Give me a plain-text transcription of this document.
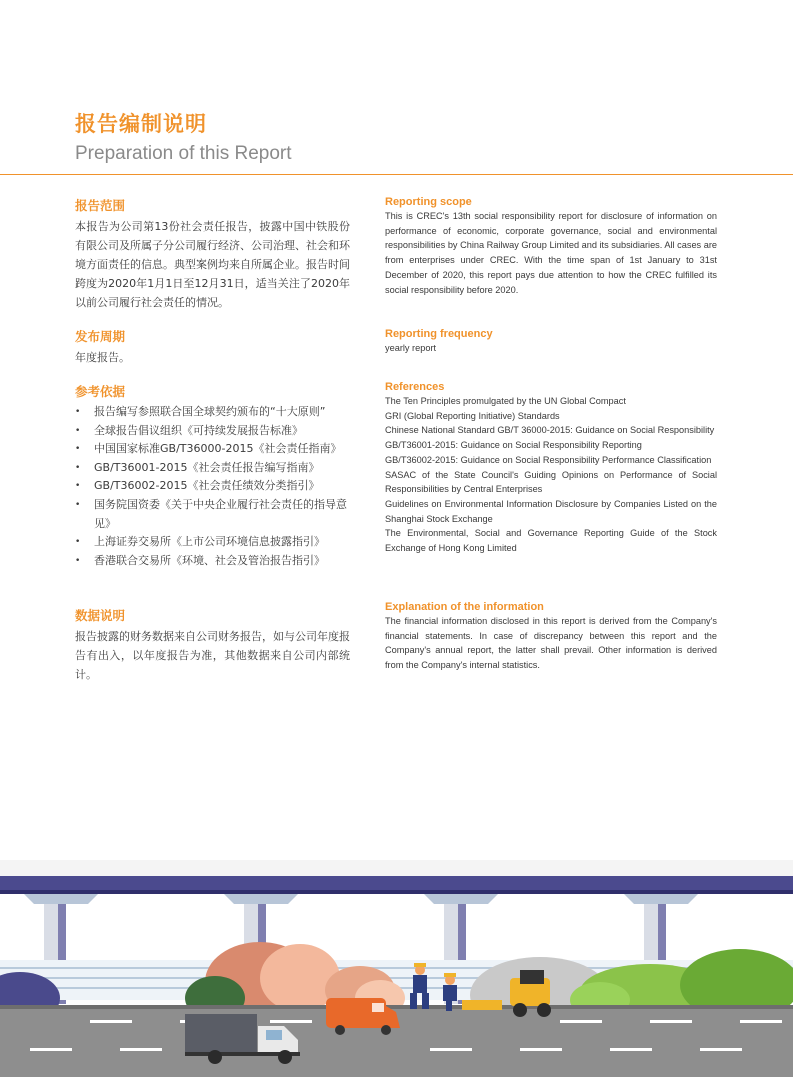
报告编制说明
Preparation of this Report
报告范围

本报告为公司第13份社会责任报告，披露中国中铁股份有限公司及所属子分公司履行经济、公司治理、社会和环境方面责任的信息。典型案例均来自所属企业。报告时间跨度为2020年1月1日至12月31日，适当关注了2020年以前公司履行社会责任的情况。

Reporting scope

This is CREC's 13th social responsibility report for disclosure of information on performance of economic, corporate governance, social and environmental responsibilities by China Railway Group Limited and its subsidiaries. All cases are from enterprises under CREC. With the time span of 1st January to 31st December of 2020, this report pays due attention to how the CREC fulfilled its social responsibility before 2020.

发布周期

年度报告。

Reporting frequency

yearly report

参考依据
• 报告编写参照联合国全球契约颁布的“十大原则”
• 全球报告倡议组织《可持续发展报告标准》
• 中国国家标准GB/T36000-2015《社会责任指南》
• GB/T36001-2015《社会责任报告编写指南》
• GB/T36002-2015《社会责任绩效分类指引》
• 国务院国资委《关于中央企业履行社会责任的指导意见》
• 上海证券交易所《上市公司环境信息披露指引》
• 香港联合交易所《环境、社会及管治报告指引》
References
The Ten Principles promulgated by the UN Global Compact
GRI (Global Reporting Initiative) Standards
Chinese National Standard GB/T 36000-2015: Guidance on Social Responsibility
GB/T36001-2015: Guidance on Social Responsibility Reporting
GB/T36002-2015: Guidance on Social Responsibility Performance Classification
SASAC of the State Council's Guiding Opinions on Performance of Social Responsibilities by Central Enterprises
Guidelines on Environmental Information Disclosure by Companies Listed on the Shanghai Stock Exchange
The Environmental, Social and Governance Reporting Guide of the Stock Exchange of Hong Kong Limited
数据说明

报告披露的财务数据来自公司财务报告，如与公司年度报告有出入，以年度报告为准，其他数据来自公司内部统计。

Explanation of the information

The financial information disclosed in this report is derived from the Company's financial statements. In case of discrepancy between this report and the Company's annual report, the latter shall prevail. Other information is derived from the Company's internal statistics.
